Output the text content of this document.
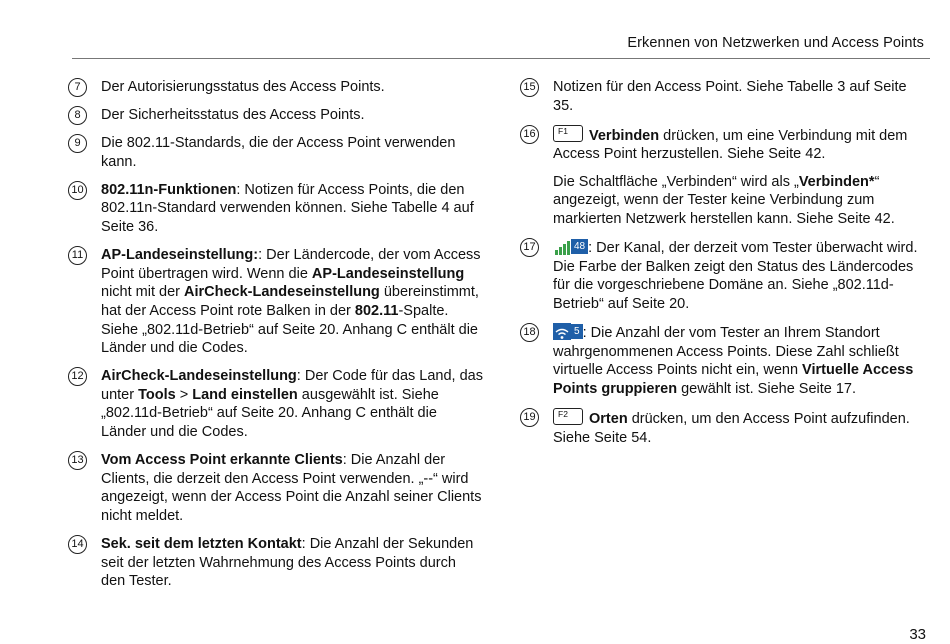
Erkennen von Netzwerken und Access Points
7	Der Autorisierungsstatus des Access Points.

8	Der Sicherheitsstatus des Access Points.

9	Die 802.11-Standards, die der Access Point verwenden kann.

10 802.11n-Funktionen: Notizen für Access Points, die den 802.11n-Standard verwenden können. Siehe Tabelle 4 auf Seite 36.

11 AP-Landeseinstellung:: Der Ländercode, der vom Access Point übertragen wird. Wenn die AP-Landeseinstellung nicht mit der AirCheck-Landeseinstellung übereinstimmt, hat der Access Point rote Balken in der 802.11-Spalte. Siehe „802.11d-Betrieb“ auf Seite 20. Anhang C enthält die Länder und die Codes.

12 AirCheck-Landeseinstellung: Der Code für das Land, das unter Tools > Land einstellen ausgewählt ist. Siehe „802.11d-Betrieb“ auf Seite 20. Anhang C enthält die Länder und die Codes.

13 Vom Access Point erkannte Clients: Die Anzahl der Clients, die derzeit den Access Point verwenden. „--“ wird angezeigt, wenn der Access Point die Anzahl seiner Clients nicht meldet.

14 Sek. seit dem letzten Kontakt: Die Anzahl der Sekunden seit der letzten Wahrnehmung des Access Points durch den Tester.

15 Notizen für den Access Point. Siehe Tabelle 3 auf Seite 35.

16	F1 Verbinden drücken, um eine Verbindung mit dem Access Point herzustellen. Siehe Seite 42.

Die Schaltfläche „Verbinden“ wird als „Verbinden*“ angezeigt, wenn der Tester keine Verbindung zum markierten Netzwerk herstellen kann. Siehe Seite 42.

17	48 : Der Kanal, der derzeit vom Tester überwacht wird. Die Farbe der Balken zeigt den Status des Ländercodes für die vorgeschriebene Domäne an. Siehe „802.11d-Betrieb“ auf Seite 20.

18	5 : Die Anzahl der vom Tester an Ihrem Standort wahrgenommenen Access Points. Diese Zahl schließt virtuelle Access Points nicht ein, wenn Virtuelle Access Points gruppieren gewählt ist. Siehe Seite 17.

19	F2 Orten drücken, um den Access Point aufzufinden. Siehe Seite 54.

33
